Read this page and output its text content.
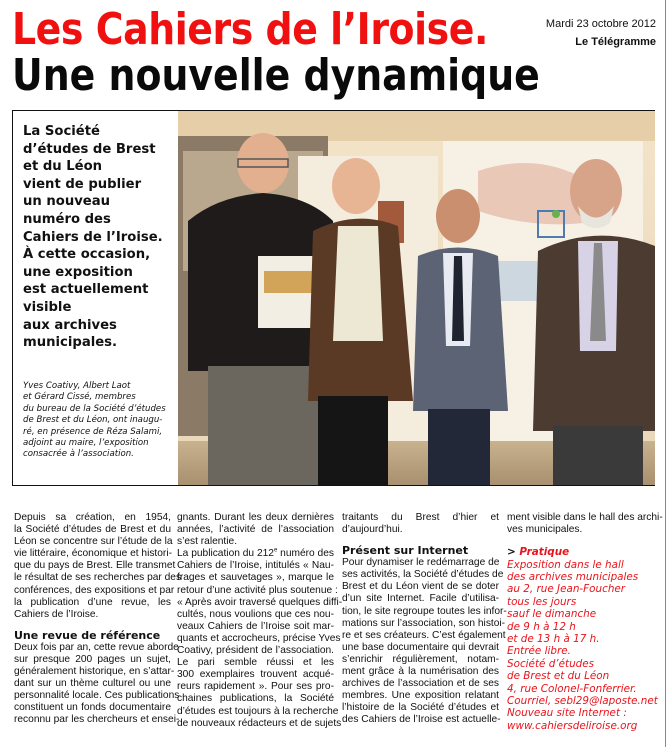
Les Cahiers de l’Iroise.
Une nouvelle dynamique
Mardi 23 octobre 2012
Le Télégramme
La Société
d’études de Brest
et du Léon
vient de publier
un nouveau
numéro des
Cahiers de l’Iroise.
À cette occasion,
une exposition
est actuellement
visible
aux archives
municipales.
Yves Coativy, Albert Laot
et Gérard Cissé, membres
du bureau de la Société d’études
de Brest et du Léon, ont inaugu-
ré, en présence de Réza Salami,
adjoint au maire, l’exposition
consacrée à l’association.

Depuis sa création, en 1954,
la Société d’études de Brest et du
Léon se concentre sur l’étude de la
vie littéraire, économique et histori-
que du pays de Brest. Elle transmet
le résultat de ses recherches par des
conférences, des expositions et par
la publication d’une revue, les
Cahiers de l’Iroise.

Une revue de référence

Deux fois par an, cette revue aborde
sur presque 200 pages un sujet,
généralement historique, en s’attar-
dant sur un thème culturel ou une
personnalité locale. Ces publications
constituent un fonds documentaire
reconnu par les chercheurs et ensei-

gnants. Durant les deux dernières
années, l’activité de l’association
s’est ralentie.

La publication du 212e numéro des
Cahiers de l’Iroise, intitulés « Nau-
frages et sauvetages », marque le
retour d’une activité plus soutenue :
« Après avoir traversé quelques diffi-
cultés, nous voulions que ces nou-
veaux Cahiers de l’Iroise soit mar-
quants et accrocheurs, précise Yves
Coativy, président de l’association.
Le pari semble réussi et les
300 exemplaires trouvent acqué-
reurs rapidement ». Pour ses pro-
chaines publications, la Société
d’études est toujours à la recherche
de nouveaux rédacteurs et de sujets

traitants du Brest d’hier et
d’aujourd’hui.

Présent sur Internet

Pour dynamiser le redémarrage de
ses activités, la Société d’études de
Brest et du Léon vient de se doter
d’un site Internet. Facile d’utilisa-
tion, le site regroupe toutes les infor-
mations sur l’association, son histoi-
re et ses créateurs. C’est également
une base documentaire qui devrait
s’enrichir régulièrement, notam-
ment grâce à la numérisation des
archives de l’association et de ses
membres. Une exposition relatant
l’histoire de la Société d’études et
des Cahiers de l’Iroise est actuelle-

ment visible dans le hall des archi-
ves municipales.

> Pratique
Exposition dans le hall
des archives municipales
au 2, rue Jean-Foucher
tous les jours
sauf le dimanche
de 9 h à 12 h
et de 13 h à 17 h.
Entrée libre.
Société d’études
de Brest et du Léon
4, rue Colonel-Fonferrier.
Courriel, sebl29@laposte.net
Nouveau site Internet :
www.cahiersdeliroise.org
